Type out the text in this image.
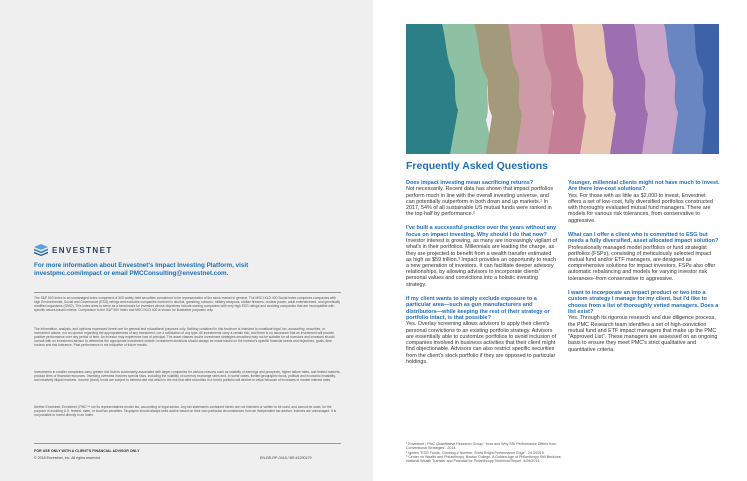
ENVESTNET
For more information about Envestnet's Impact Investing Platform, visit investpmc.com/impact or email PMCConsulting@envestnet.com.

The S&P 500 Index is an unmanaged index comprised of 500 widely held securities considered to be representative of the stock market in general. The MSCI KLD 400 Social Index comprises companies with high Environmental, Social and Governance (ESG) ratings and excludes companies involved in alcohol, gambling, tobacco, military weapons, civilian firearms, nuclear power, adult entertainment, and genetically modified organisms (GMO). This index aims to serve as a benchmark for investors whose objectives include owning companies with very high ESG ratings and avoiding companies that are incompatible with specific values-based criteria. Comparison to the S&P 500 Index and MSCI KLD 400 is shown for illustrative purposes only.

The information, analysis, and opinions expressed herein are for general and educational purposes only. Nothing contained in this brochure is intended to constitute legal, tax, accounting, securities, or investment advice, nor an opinion regarding the appropriateness of any investment, nor a solicitation of any type. All investments carry a certain risk, and there is no assurance that an investment will provide positive performance over any period of time. An investor may experience loss of principal. The asset classes and/or investment strategies described may not be suitable for all investors and investors should consult with an investment advisor to determine the appropriate investment vehicle. Investment decisions should always be made based on the investor's specific financial needs and objectives, goals, time horizon and risk tolerance. Past performance is not indicative of future results.

Investments in smaller companies carry greater risk than is customarily associated with larger companies for various reasons such as volatility of earnings and prospects, higher failure rates, and limited markets, product lines or financial resources. Investing overseas involves special risks, including the volatility of currency exchange rates and, in some cases, limited geographic focus, political and economic instability, and relatively illiquid markets. Income (bond) funds are subject to interest rate risk which is the risk that debt securities in a fund's portfolio will decline in value because of increases in market interest rates.

Neither Envestnet, Envestnet | PMC™ nor its representatives render tax, accounting or legal advice. Any tax statements contained herein are not intended or written to be used, and cannot be used, for the purpose of avoiding U.S. federal, state, or local tax penalties. Taxpayers should always seek advice based on their own particular circumstances from an independent tax advisor. Indexes are unmanaged. It is not possible to invest directly in an index.

FOR USE ONLY WITH A CLIENT'S FINANCIAL ADVISOR ONLY
© 2018 Envestnet, Inc. All rights reserved.	EN-BR-RP-0418 / BR #1290179
Frequently Asked Questions

Does impact investing mean sacrificing returns?

Not necessarily. Recent data has shown that impact portfolios perform much in line with the overall investing universe, and can potentially outperform in both down and up markets.¹ In 2017, 54% of all sustainable US mutual funds were ranked in the top half by performance.²

I've built a successful practice over the years without any focus on impact investing. Why should I do that now?

Investor interest is growing, as many are increasingly vigilant of what's in their portfolios. Millennials are leading the charge, as they are projected to benefit from a wealth transfer estimated as high as $59 trillion.³ Impact provides an opportunity to reach a new generation of investors. It can facilitate deeper advisory relationships, by allowing advisors to incorporate clients' personal values and convictions into a holistic investing strategy.

If my client wants to simply exclude exposure to a particular area—such as gun manufacturers and distributors—while keeping the rest of their strategy or portfolio intact, is that possible?

Yes. Overlay screening allows advisors to apply their client's personal convictions to an existing portfolio strategy. Advisors are essentially able to customize portfolios to avoid inclusion of companies involved in business activities that their client might find objectionable. Advisors can also restrict specific securities from the client's stock portfolio if they are opposed to particular holdings.

Younger, millennial clients might not have much to invest. Are there low-cost solutions?

Yes. For those with as little as $2,000 to invest, Envestnet offers a set of low-cost, fully diversified portfolios constructed with thoroughly evaluated mutual fund managers. There are models for various risk tolerances, from conservative to aggressive.

What can I offer a client who is committed to ESG but needs a fully diversified, asset allocated impact solution?

Professionally managed model portfolios or fund strategist portfolios (FSPs), consisting of meticulously selected impact mutual fund and/or ETF managers, are designed as comprehensive solutions for impact investors. FSPs also offer automatic rebalancing and models for varying investor risk tolerances–from conservative to aggressive.

I want to incorporate an impact product or two into a custom strategy I manage for my client, but I'd like to choose from a list of thoroughly vetted managers. Does a list exist?

Yes. Through its rigorous research and due diligence process, the PMC Research team identifies a set of high-conviction mutual fund and ETF impact managers that make up the PMC "Approved List". These managers are assessed on an ongoing basis to ensure they meet PMC's strict qualitative and quantitative criteria.

¹ Envestnet | PMC Quantitative Research Group. "How and Why SRI Performance Differs from Conventional Strategies". 2014.

² Ignites "ESG Funds, Climbing # Number, Show Bright Performance Edge". 2/13/2018.

³ Center on Wealth and Philanthropy, Boston College. A Golden Age of Philanthropy Still Beckons: National Wealth Transfer and Potential for Philanthropy Technical Report. 5/28/2014.
